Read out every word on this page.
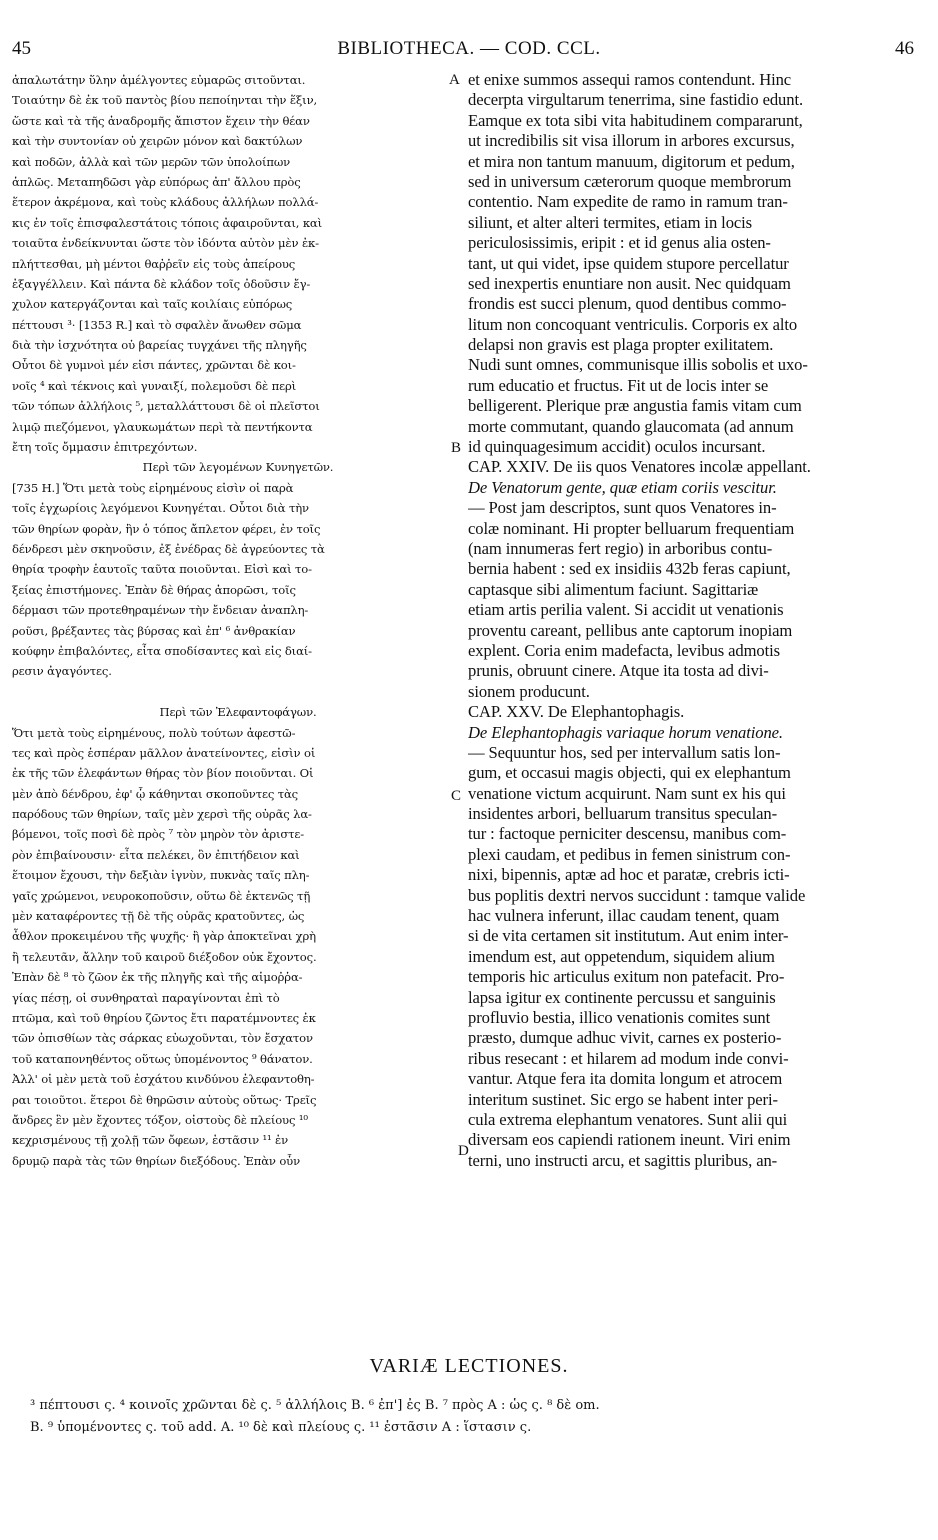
45	BIBLIOTHECA. — COD. CCL.	46
ἀπαλωτάτην ὕλην ἀμέλγοντες εὐμαρῶς σιτοῦνται.
Τοιαύτην δὲ ἐκ τοῦ παντὸς βίου πεποίηνται τὴν ἕξιν,
ὥστε καὶ τὰ τῆς ἀναδρομῆς ἄπιστον ἔχειν τὴν θέαν
καὶ τὴν συντονίαν οὐ χειρῶν μόνον καὶ δακτύλων
καὶ ποδῶν, ἀλλὰ καὶ τῶν μερῶν τῶν ὑπολοίπων
ἁπλῶς. Μεταπηδῶσι γὰρ εὐπόρως ἀπ' ἄλλου πρὸς
ἕτερον ἀκρέμονα, καὶ τοὺς κλάδους ἀλλήλων πολλά-
κις ἐν τοῖς ἐπισφαλεστάτοις τόποις ἀφαιροῦνται, καὶ
τοιαῦτα ἐνδείκνυνται ὥστε τὸν ἰδόντα αὐτὸν μὲν ἐκ-
πλήττεσθαι, μὴ μέντοι θαῤῥεῖν εἰς τοὺς ἀπείρους
ἐξαγγέλλειν. Καὶ πάντα δὲ κλάδον τοῖς ὀδοῦσιν ἔγ-
χυλον κατεργάζονται καὶ ταῖς κοιλίαις εὐπόρως
πέττουσι ³· [1353 R.] καὶ τὸ σφαλὲν ἄνωθεν σῶμα
διὰ τὴν ἰσχνότητα οὐ βαρείας τυγχάνει τῆς πληγῆς
Οὗτοι δὲ γυμνοὶ μέν εἰσι πάντες, χρῶνται δὲ κοι-
νοῖς ⁴ καὶ τέκνοις καὶ γυναιξί, πολεμοῦσι δὲ περὶ
τῶν τόπων ἀλλήλοις ⁵, μεταλλάττουσι δὲ οἱ πλεῖστοι
λιμῷ πιεζόμενοι, γλαυκωμάτων περὶ τὰ πεντήκοντα
ἔτη τοῖς ὄμμασιν ἐπιτρεχόντων.
Περὶ τῶν λεγομένων Κυνηγετῶν.
[735 H.] Ὅτι μετὰ τοὺς εἰρημένους εἰσὶν οἱ παρὰ
τοῖς ἐγχωρίοις λεγόμενοι Κυνηγέται. Οὗτοι διὰ τὴν
τῶν θηρίων φορὰν, ἣν ὁ τόπος ἄπλετον φέρει, ἐν τοῖς
δένδρεσι μὲν σκηνοῦσιν, ἐξ ἐνέδρας δὲ ἀγρεύοντες τὰ
θηρία τροφὴν ἑαυτοῖς ταῦτα ποιοῦνται. Εἰσὶ καὶ το-
ξείας ἐπιστήμονες. Ἐπὰν δὲ θήρας ἀπορῶσι, τοῖς
δέρμασι τῶν προτεθηραμένων τὴν ἔνδειαν ἀναπλη-
ροῦσι, βρέξαντες τὰς βύρσας καὶ ἐπ' ⁶ ἀνθρακίαν
κούφην ἐπιβαλόντες, εἶτα σποδίσαντες καὶ εἰς διαί-
ρεσιν ἀγαγόντες.
Περὶ τῶν Ἐλεφαντοφάγων.
Ὅτι μετὰ τοὺς εἰρημένους, πολὺ τούτων ἀφεστῶ-
τες καὶ πρὸς ἑσπέραν μᾶλλον ἀνατείνοντες, εἰσὶν οἱ
ἐκ τῆς τῶν ἐλεφάντων θήρας τὸν βίον ποιοῦνται. Οἱ
μὲν ἀπὸ δένδρου, ἐφ' ᾧ κάθηνται σκοποῦντες τὰς
παρόδους τῶν θηρίων, ταῖς μὲν χερσὶ τῆς οὐρᾶς λα-
βόμενοι, τοῖς ποσὶ δὲ πρὸς ⁷ τὸν μηρὸν τὸν ἀριστε-
ρὸν ἐπιβαίνουσιν· εἶτα πελέκει, ὃν ἐπιτήδειον καὶ
ἕτοιμον ἔχουσι, τὴν δεξιὰν ἰγνὺν, πυκνὰς ταῖς πλη-
γαῖς χρώμενοι, νευροκοποῦσιν, οὕτω δὲ ἐκτενῶς τῇ
μὲν καταφέροντες τῇ δὲ τῆς οὐρᾶς κρατοῦντες, ὡς
ἆθλον προκειμένου τῆς ψυχῆς· ἢ γὰρ ἀποκτεῖναι χρὴ
ἢ τελευτᾶν, ἄλλην τοῦ καιροῦ διέξοδον οὐκ ἔχοντος.
Ἐπὰν δὲ ⁸ τὸ ζῶον ἐκ τῆς πληγῆς καὶ τῆς αἱμοῤῥα-
γίας πέσῃ, οἱ συνθηραταὶ παραγίνονται ἐπὶ τὸ
πτῶμα, καὶ τοῦ θηρίου ζῶντος ἔτι παρατέμνοντες ἐκ
τῶν ὀπισθίων τὰς σάρκας εὐωχοῦνται, τὸν ἔσχατον
τοῦ καταπονηθέντος οὕτως ὑπομένοντος ⁹ θάνατον.
Ἀλλ' οἱ μὲν μετὰ τοῦ ἐσχάτου κινδύνου ἐλεφαντοθη-
ραι τοιοῦτοι. ἕτεροι δὲ θηρῶσιν αὐτοὺς οὕτως· Τρεῖς
ἄνδρες ἓν μὲν ἔχοντες τόξον, οἰστοὺς δὲ πλείους ¹⁰
κεχρισμένους τῇ χολῇ τῶν ὄφεων, ἑστᾶσιν ¹¹ ἐν
δρυμῷ παρὰ τὰς τῶν θηρίων διεξόδους. Ἐπὰν οὖν
et enixe summos assequi ramos contendunt. Hinc
decerpta virgultarum tenerrima, sine fastidio edunt.
Eamque ex tota sibi vita habitudinem compararunt,
ut incredibilis sit visa illorum in arbores excursus,
et mira non tantum manuum, digitorum et pedum,
sed in universum cæterorum quoque membrorum
contentio. Nam expedite de ramo in ramum tran-
siliunt, et alter alteri termites, etiam in locis
periculosissimis, eripit : et id genus alia osten-
tant, ut qui videt, ipse quidem stupore percellatur
sed inexpertis enuntiare non ausit. Nec quidquam
frondis est succi plenum, quod dentibus commo-
litum non concoquant ventriculis. Corporis ex alto
delapsi non gravis est plaga propter exilitatem.
Nudi sunt omnes, communisque illis sobolis et uxo-
rum educatio et fructus. Fit ut de locis inter se
belligerent. Plerique præ angustia famis vitam cum
morte commutant, quando glaucomata (ad annum
id quinquagesimum accidit) oculos incursant.
CAP. XXIV. De iis quos Venatores incolæ appellant.
De Venatorum gente, quæ etiam coriis vescitur.
— Post jam descriptos, sunt quos Venatores in-
colæ nominant. Hi propter belluarum frequentiam
(nam innumeras fert regio) in arboribus contu-
bernia habent : sed ex insidiis 432b feras capiunt,
captasque sibi alimentum faciunt. Sagittariæ
etiam artis perilia valent. Si accidit ut venationis
proventu careant, pellibus ante captorum inopiam
explent. Coria enim madefacta, levibus admotis
prunis, obruunt cinere. Atque ita tosta ad divi-
sionem producunt.
CAP. XXV. De Elephantophagis.
De Elephantophagis variaque horum venatione.
— Sequuntur hos, sed per intervallum satis lon-
gum, et occasui magis objecti, qui ex elephantum
venatione victum acquirunt. Nam sunt ex his qui
insidentes arbori, belluarum transitus speculan-
tur : factoque perniciter descensu, manibus com-
plexi caudam, et pedibus in femen sinistrum con-
nixi, bipennis, aptæ ad hoc et paratæ, crebris icti-
bus poplitis dextri nervos succidunt : tamque valide
hac vulnera inferunt, illac caudam tenent, quam
si de vita certamen sit institutum. Aut enim inter-
imendum est, aut oppetendum, siquidem alium
temporis hic articulus exitum non patefacit. Pro-
lapsa igitur ex continente percussu et sanguinis
profluvio bestia, illico venationis comites sunt
præsto, dumque adhuc vivit, carnes ex posterio-
ribus resecant : et hilarem ad modum inde convi-
vantur. Atque fera ita domita longum et atrocem
interitum sustinet. Sic ergo se habent inter peri-
cula extrema elephantum venatores. Sunt alii qui
diversam eos capiendi rationem ineunt. Viri enim
terni, uno instructi arcu, et sagittis pluribus, an-
A
B
C
D
VARIÆ LECTIONES.
³ πέπτουσι ς. ⁴ κοινοῖς χρῶνται δὲ ς. ⁵ ἀλλήλοις B. ⁶ ἐπ'] ἐς B. ⁷ πρὸς A : ὡς ς. ⁸ δὲ om.
B. ⁹ ὑπομένοντες ς. τοῦ add. A. ¹⁰ δὲ καὶ πλείους ς. ¹¹ ἑστᾶσιν A : ἵστασιν ς.
